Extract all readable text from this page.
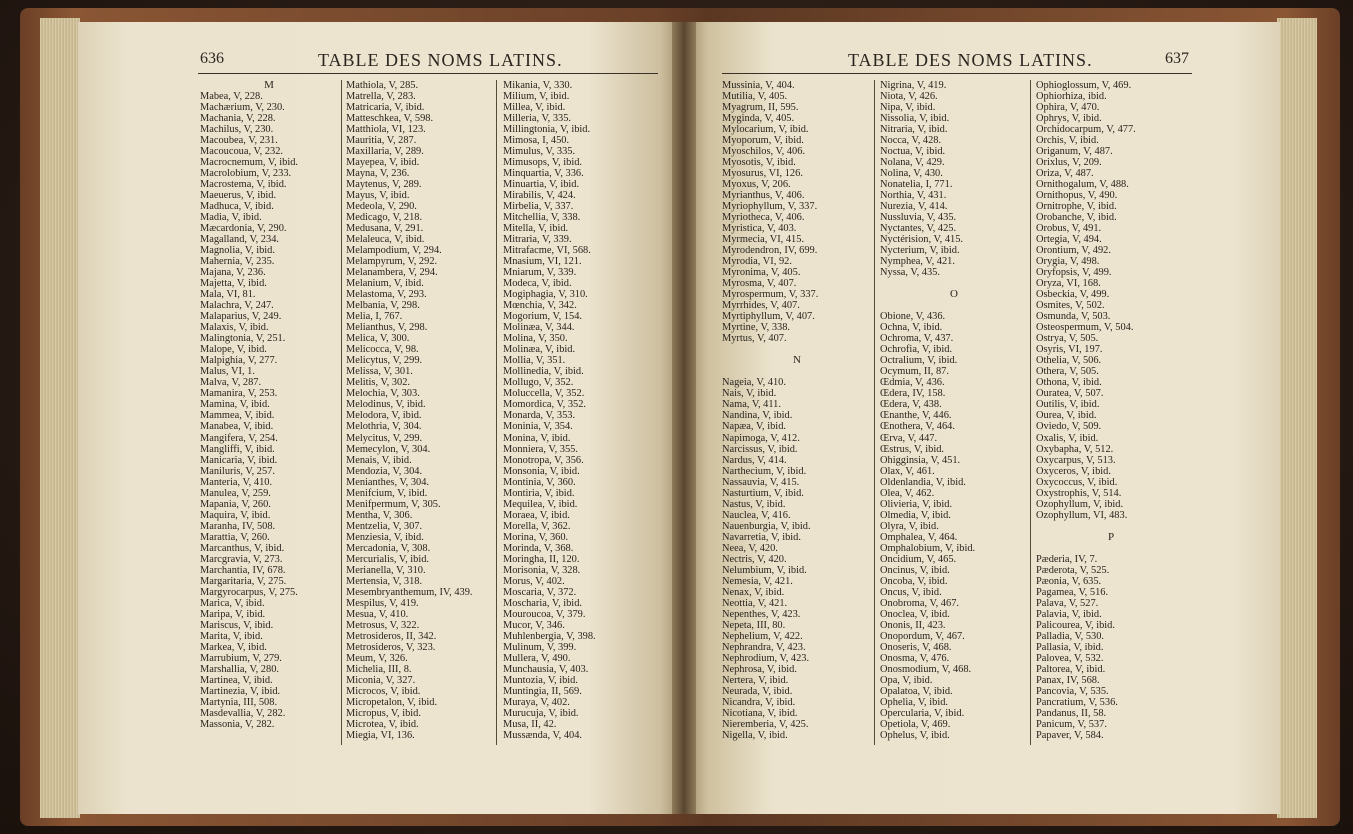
636	TABLE DES NOMS LATINS.	TABLE DES NOMS LATINS.	637
M
Mabea, V, 228.
Machærium, V, 230.
Machania, V, 228.
Machilus, V, 230.
Macoubea, V, 231.
Macoucoua, V, 232.
Macrocnemum, V, ibid.
Macrolobium, V, 233.
Macrostema, V, ibid.
Maeuerus, V, ibid.
Madhuca, V, ibid.
Madia, V, ibid.
Mæcardonia, V, 290.
Magalland, V, 234.
Magnolia, V, ibid.
Mahernia, V, 235.
Majana, V, 236.
Majetta, V, ibid.
Mala, VI, 81.
Malachra, V, 247.
Malaparius, V, 249.
Malaxis, V, ibid.
Malingtonia, V, 251.
Malope, V, ibid.
Malpighia, V, 277.
Malus, VI, 1.
Malva, V, 287.
Mamanira, V, 253.
Mamina, V, ibid.
Mammea, V, ibid.
Manabea, V, ibid.
Mangifera, V, 254.
Mangliffi, V, ibid.
Manicaria, V, ibid.
Maniluris, V, 257.
Manteria, V, 410.
Manulea, V, 259.
Mapania, V, 260.
Maquira, V, ibid.
Maranha, IV, 508.
Marattia, V, 260.
Marcanthus, V, ibid.
Marcgravia, V, 273.
Marchantia, IV, 678.
Margaritaria, V, 275.
Margyrocarpus, V, 275.
Marica, V, ibid.
Maripa, V, ibid.
Mariscus, V, ibid.
Marita, V, ibid.
Markea, V, ibid.
Marrubium, V, 279.
Marshallia, V, 280.
Martinea, V, ibid.
Martinezia, V, ibid.
Martynia, III, 508.
Masdevallia, V, 282.
Massonia, V, 282.
Mathiola, V, 285.
Matrella, V, 283.
Matricaria, V, ibid.
Matteschkea, V, 598.
Matthiola, VI, 123.
Mauritia, V, 287.
Maxillaria, V, 289.
Mayepea, V, ibid.
Mayna, V, 236.
Maytenus, V, 289.
Mayus, V, ibid.
Medeola, V, 290.
Medicago, V, 218.
Medusana, V, 291.
Melaleuca, V, ibid.
Melampodium, V, 294.
Melampyrum, V, 292.
Melanambera, V, 294.
Melanium, V, ibid.
Melastoma, V, 293.
Melbania, V, 298.
Melia, I, 767.
Melianthus, V, 298.
Melica, V, 300.
Melicocca, V, 98.
Melicytus, V, 299.
Melissa, V, 301.
Melitis, V, 302.
Melochia, V, 303.
Melodinus, V, ibid.
Melodora, V, ibid.
Melothria, V, 304.
Melycitus, V, 299.
Memecylon, V, 304.
Menais, V, ibid.
Mendozia, V, 304.
Menianthes, V, 304.
Menifcium, V, ibid.
Menifpermum, V, 305.
Mentha, V, 306.
Mentzelia, V, 307.
Menziesia, V, ibid.
Mercadonia, V, 308.
Mercurialis, V, ibid.
Merianella, V, 310.
Mertensia, V, 318.
Mesembryanthemum, IV, 439.
Mespilus, V, 419.
Mesua, V, 410.
Metrosus, V, 322.
Metrosideros, II, 342.
Metrosideros, V, 323.
Meum, V, 326.
Michelia, III, 8.
Miconia, V, 327.
Microcos, V, ibid.
Micropetalon, V, ibid.
Micropus, V, ibid.
Microtea, V, ibid.
Miegia, VI, 136.
Mikania, V, 330.
Milium, V, ibid.
Millea, V, ibid.
Milleria, V, 335.
Millingtonia, V, ibid.
Mimosa, I, 450.
Mimulus, V, 335.
Mimusops, V, ibid.
Minquartia, V, 336.
Minuartia, V, ibid.
Mirabilis, V, 424.
Mirbelia, V, 337.
Mitchellia, V, 338.
Mitella, V, ibid.
Mitraria, V, 339.
Mitrafacme, VI, 568.
Mnasium, VI, 121.
Mniarum, V, 339.
Modeca, V, ibid.
Mogiphagia, V, 310.
Mœnchia, V, 342.
Mogorium, V, 154.
Molinæa, V, 344.
Molina, V, 350.
Molinæa, V, ibid.
Mollia, V, 351.
Mollinedia, V, ibid.
Mollugo, V, 352.
Moluccella, V, 352.
Momordica, V, 352.
Monarda, V, 353.
Moninia, V, 354.
Monina, V, ibid.
Monniera, V, 355.
Monotropa, V, 356.
Monsonia, V, ibid.
Montinia, V, 360.
Montiria, V, ibid.
Mequilea, V, ibid.
Moraea, V, ibid.
Morella, V, 362.
Morina, V, 360.
Morinda, V, 368.
Moringha, II, 120.
Morisonia, V, 328.
Morus, V, 402.
Moscaria, V, 372.
Moscharia, V, ibid.
Mouroucoa, V, 379.
Mucor, V, 346.
Muhlenbergia, V, 398.
Mulinum, V, 399.
Mullera, V, 490.
Munchausia, V, 403.
Muntozia, V, ibid.
Muntingia, II, 569.
Muraya, V, 402.
Murucuja, V, ibid.
Musa, II, 42.
Mussænda, V, 404.
Mussinia, V, 404.
Mutilia, V, 405.
Myagrum, II, 595.
Myginda, V, 405.
Mylocarium, V, ibid.
Myoporum, V, ibid.
Myoschilos, V, 406.
Myosotis, V, ibid.
Myosurus, VI, 126.
Myoxus, V, 206.
Myrianthus, V, 406.
Myriophyllum, V, 337.
Myriotheca, V, 406.
Myristica, V, 403.
Myrmecia, VI, 415.
Myrodendron, IV, 699.
Myrodia, VI, 92.
Myronima, V, 405.
Myrosma, V, 407.
Myrospermum, V, 337.
Myrrhides, V, 407.
Myrtiphyllum, V, 407.
Myrtine, V, 338.
Myrtus, V, 407.
N
Nageia, V, 410.
Nais, V, ibid.
Nama, V, 411.
Nandina, V, ibid.
Napæa, V, ibid.
Napimoga, V, 412.
Narcissus, V, ibid.
Nardus, V, 414.
Narthecium, V, ibid.
Nassauvia, V, 415.
Nasturtium, V, ibid.
Nastus, V, ibid.
Nauclea, V, 416.
Nauenburgia, V, ibid.
Navarretia, V, ibid.
Neea, V, 420.
Nectris, V, 420.
Nelumbium, V, ibid.
Nemesia, V, 421.
Nenax, V, ibid.
Neottia, V, 421.
Nepenthes, V, 423.
Nepeta, III, 80.
Nephelium, V, 422.
Nephrandra, V, 423.
Nephrodium, V, 423.
Nephrosa, V, ibid.
Nertera, V, ibid.
Neurada, V, ibid.
Nicandra, V, ibid.
Nicotiana, V, ibid.
Nieremberia, V, 425.
Nigella, V, ibid.
Nigrina, V, 419.
Niota, V, 426.
Nipa, V, ibid.
Nissolia, V, ibid.
Nitraria, V, ibid.
Nocca, V, 428.
Noctua, V, ibid.
Nolana, V, 429.
Nolina, V, 430.
Nonatelia, I, 771.
Northia, V, 431.
Nurezia, V, 414.
Nussluvia, V, 435.
Nyctantes, V, 425.
Nyctérision, V, 415.
Nycterium, V, ibid.
Nymphea, V, 421.
Nyssa, V, 435.
O
Obione, V, 436.
Ochna, V, ibid.
Ochroma, V, 437.
Ochrofia, V, ibid.
Octralium, V, ibid.
Ocymum, II, 87.
Œdmia, V, 436.
Œdera, IV, 158.
Œdera, V, 438.
Œnanthe, V, 446.
Œnothera, V, 464.
Œrva, V, 447.
Œstrus, V, ibid.
Ohigginsia, V, 451.
Olax, V, 461.
Oldenlandia, V, ibid.
Olea, V, 462.
Olivieria, V, ibid.
Olmedia, V, ibid.
Olyra, V, ibid.
Omphalea, V, 464.
Omphalobium, V, ibid.
Oncidium, V, 465.
Oncinus, V, ibid.
Oncoba, V, ibid.
Oncus, V, ibid.
Onobroma, V, 467.
Onoclea, V, ibid.
Ononis, II, 423.
Onopordum, V, 467.
Onoseris, V, 468.
Onosma, V, 476.
Onosmodium, V, 468.
Opa, V, ibid.
Opalatoa, V, ibid.
Ophelia, V, ibid.
Opercularia, V, ibid.
Opetiola, V, 469.
Ophelus, V, ibid.
Ophioglossum, V, 469.
Ophiorhiza, ibid.
Ophira, V, 470.
Ophrys, V, ibid.
Orchidocarpum, V, 477.
Orchis, V, ibid.
Origanum, V, 487.
Orixlus, V, 209.
Oriza, V, 487.
Ornithogalum, V, 488.
Ornithopus, V, 490.
Ornitrophe, V, ibid.
Orobanche, V, ibid.
Orobus, V, 491.
Ortegia, V, 494.
Orontium, V, 492.
Orygia, V, 498.
Oryfopsis, V, 499.
Oryza, VI, 168.
Osbeckia, V, 499.
Osmites, V, 502.
Osmunda, V, 503.
Osteospermum, V, 504.
Ostrya, V, 505.
Osyris, VI, 197.
Othelia, V, 506.
Othera, V, 505.
Othona, V, ibid.
Ouratea, V, 507.
Outilis, V, ibid.
Ourea, V, ibid.
Oviedo, V, 509.
Oxalis, V, ibid.
Oxybapha, V, 512.
Oxycarpus, V, 513.
Oxyceros, V, ibid.
Oxycoccus, V, ibid.
Oxystrophis, V, 514.
Ozophyllum, V, ibid.
Ozophyllum, VI, 483.
P
Pæderia, IV, 7.
Pæderota, V, 525.
Pæonia, V, 635.
Pagamea, V, 516.
Palava, V, 527.
Palavia, V, ibid.
Palicourea, V, ibid.
Palladia, V, 530.
Pallasia, V, ibid.
Palovea, V, 532.
Paltorea, V, ibid.
Panax, IV, 568.
Pancovia, V, 535.
Pancratium, V, 536.
Pandanus, II, 58.
Panicum, V, 537.
Papaver, V, 584.
